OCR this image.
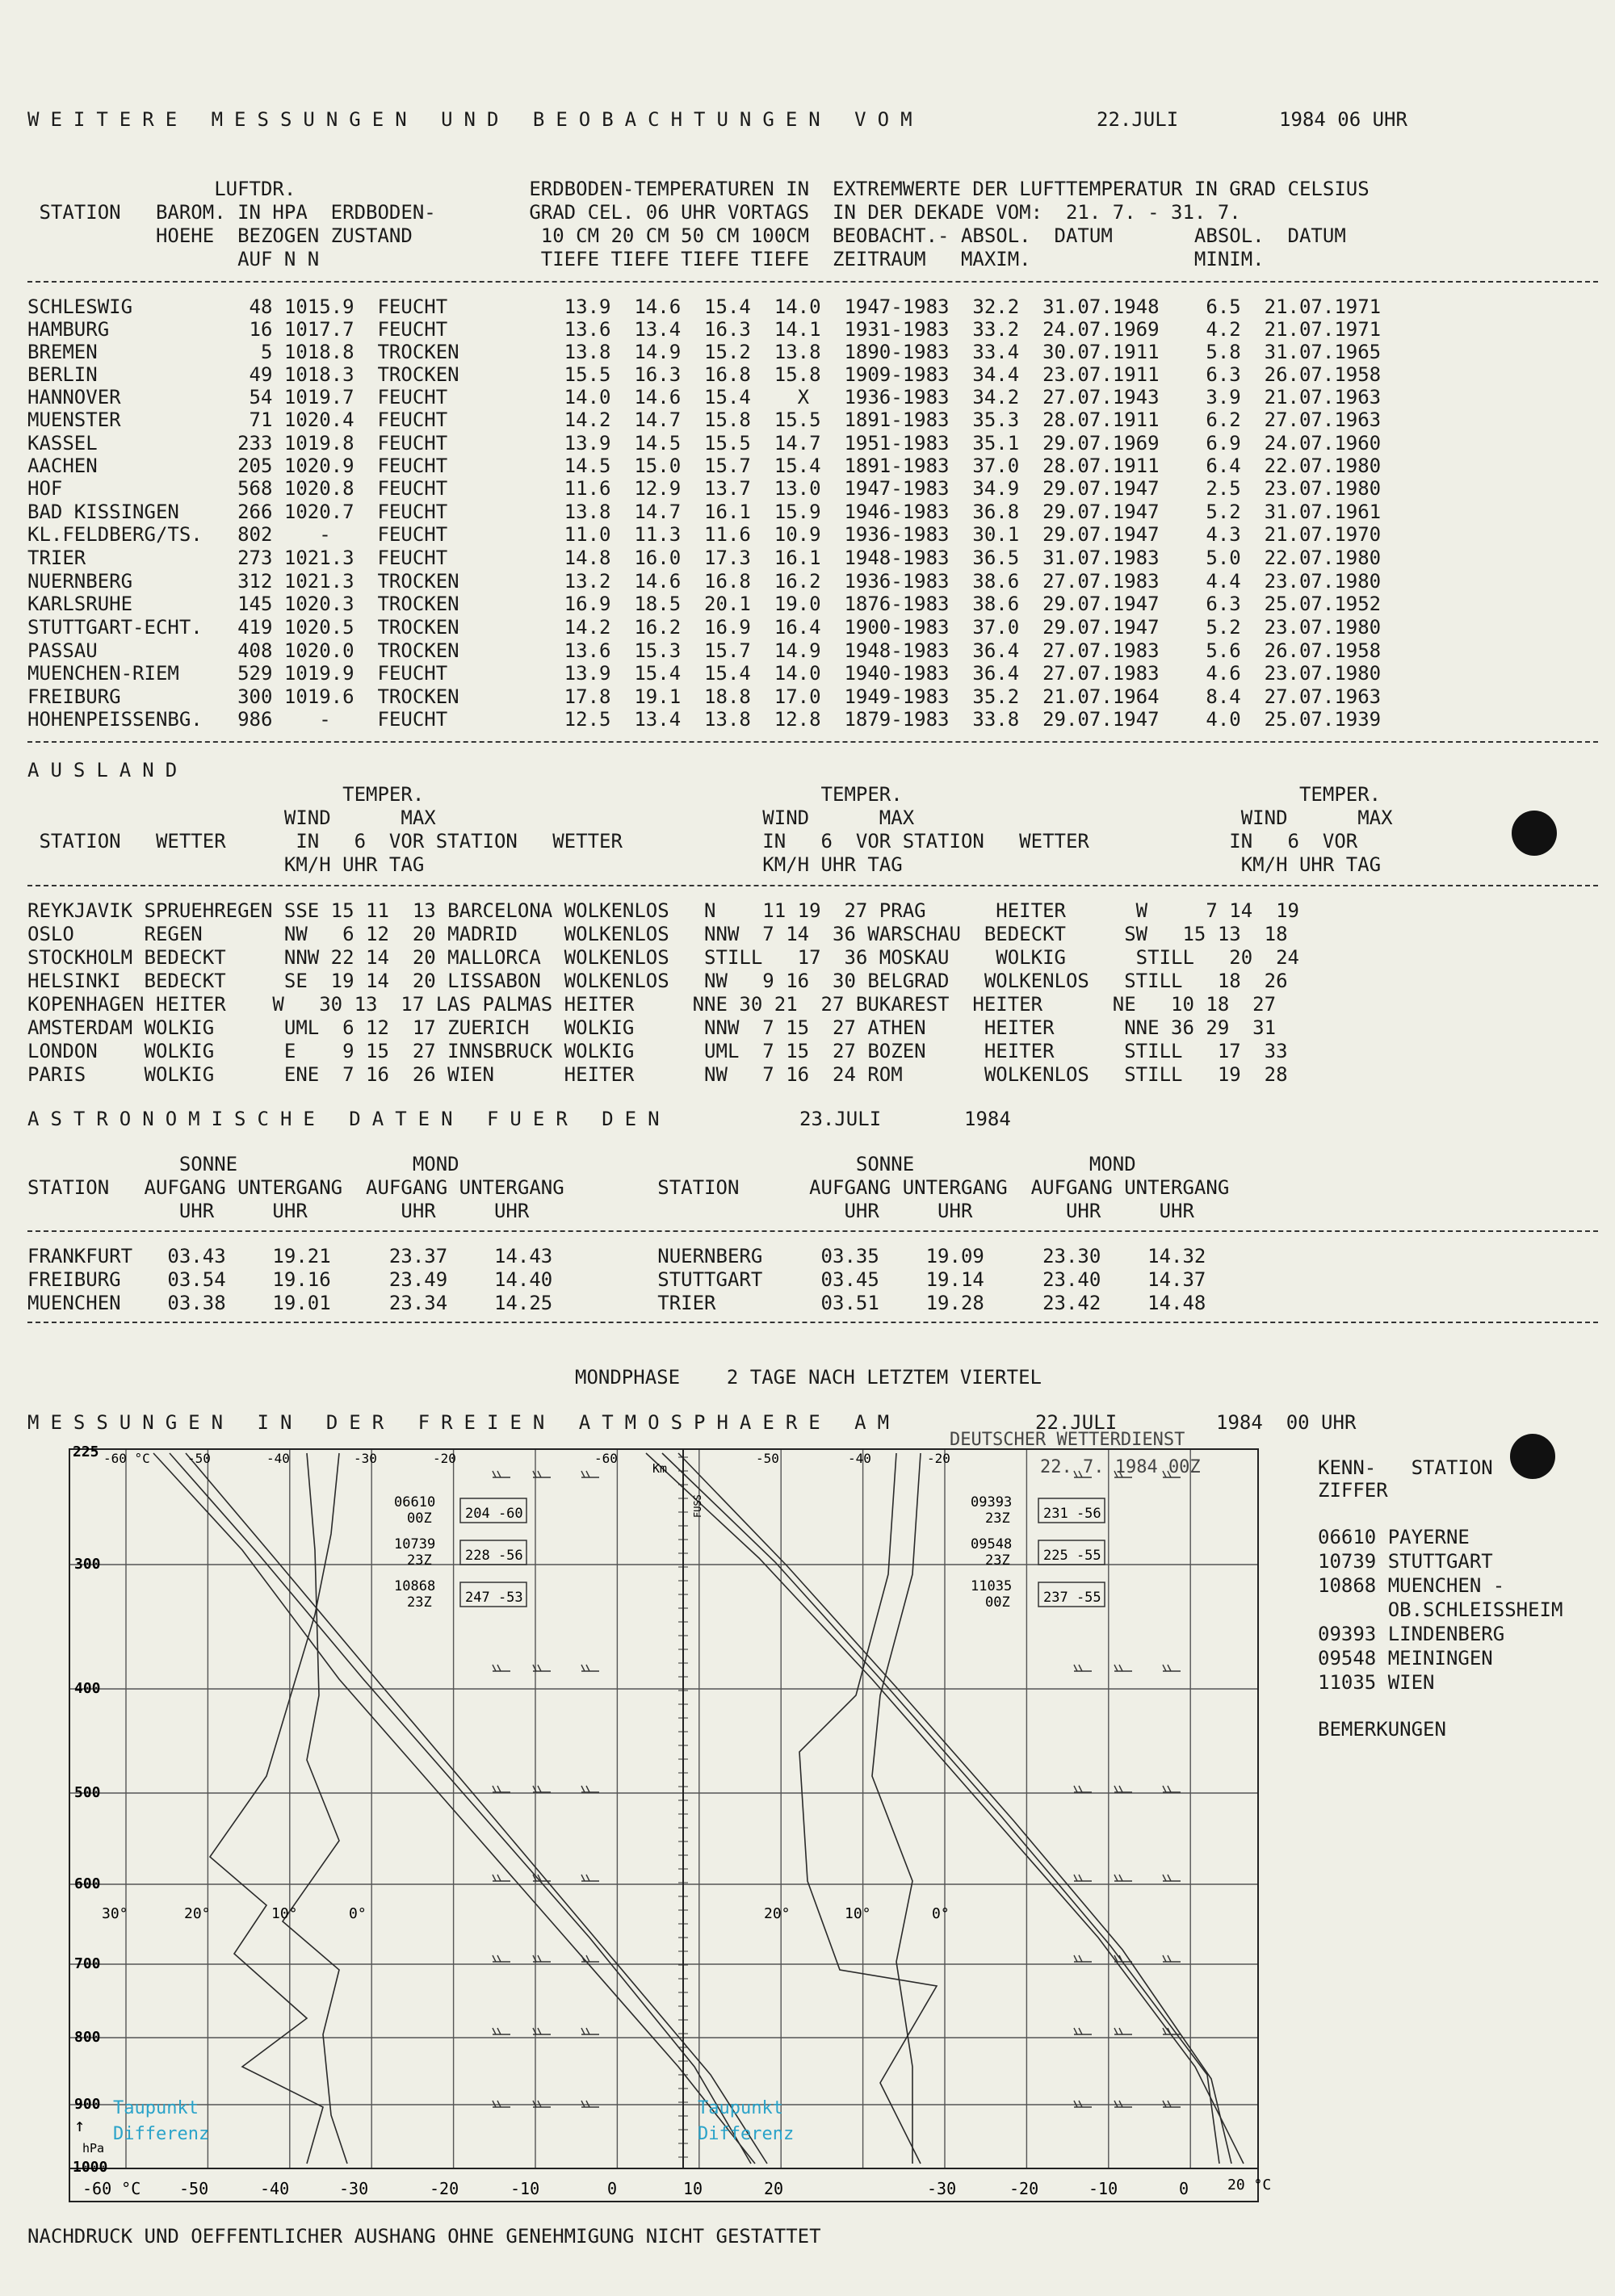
WEITERE MESSUNGEN UND BEOBACHTUNGEN VOM	22.JULI	1984 06 UHR
LUFTDR.                    ERDBODEN-TEMPERATUREN IN  EXTREMWERTE DER LUFTTEMPERATUR IN GRAD CELSIUS
STATION   BAROM. IN HPA  ERDBODEN-        GRAD CEL. 06 UHR VORTAGS  IN DER DEKADE VOM:  21. 7. - 31. 7.
HOEHE  BEZOGEN ZUSTAND           10 CM 20 CM 50 CM 100CM  BEOBACHT.- ABSOL.  DATUM       ABSOL.  DATUM
AUF N N                   TIEFE TIEFE TIEFE TIEFE  ZEITRAUM   MAXIM.              MINIM.
SCHLESWIG          48 1015.9  FEUCHT          13.9  14.6  15.4  14.0  1947-1983  32.2  31.07.1948    6.5  21.07.1971
HAMBURG            16 1017.7  FEUCHT          13.6  13.4  16.3  14.1  1931-1983  33.2  24.07.1969    4.2  21.07.1971
BREMEN              5 1018.8  TROCKEN         13.8  14.9  15.2  13.8  1890-1983  33.4  30.07.1911    5.8  31.07.1965
BERLIN             49 1018.3  TROCKEN         15.5  16.3  16.8  15.8  1909-1983  34.4  23.07.1911    6.3  26.07.1958
HANNOVER           54 1019.7  FEUCHT          14.0  14.6  15.4    X   1936-1983  34.2  27.07.1943    3.9  21.07.1963
MUENSTER           71 1020.4  FEUCHT          14.2  14.7  15.8  15.5  1891-1983  35.3  28.07.1911    6.2  27.07.1963
KASSEL            233 1019.8  FEUCHT          13.9  14.5  15.5  14.7  1951-1983  35.1  29.07.1969    6.9  24.07.1960
AACHEN            205 1020.9  FEUCHT          14.5  15.0  15.7  15.4  1891-1983  37.0  28.07.1911    6.4  22.07.1980
HOF               568 1020.8  FEUCHT          11.6  12.9  13.7  13.0  1947-1983  34.9  29.07.1947    2.5  23.07.1980
BAD KISSINGEN     266 1020.7  FEUCHT          13.8  14.7  16.1  15.9  1946-1983  36.8  29.07.1947    5.2  31.07.1961
KL.FELDBERG/TS.   802    -    FEUCHT          11.0  11.3  11.6  10.9  1936-1983  30.1  29.07.1947    4.3  21.07.1970
TRIER             273 1021.3  FEUCHT          14.8  16.0  17.3  16.1  1948-1983  36.5  31.07.1983    5.0  22.07.1980
NUERNBERG         312 1021.3  TROCKEN         13.2  14.6  16.8  16.2  1936-1983  38.6  27.07.1983    4.4  23.07.1980
KARLSRUHE         145 1020.3  TROCKEN         16.9  18.5  20.1  19.0  1876-1983  38.6  29.07.1947    6.3  25.07.1952
STUTTGART-ECHT.   419 1020.5  TROCKEN         14.2  16.2  16.9  16.4  1900-1983  37.0  29.07.1947    5.2  23.07.1980
PASSAU            408 1020.0  TROCKEN         13.6  15.3  15.7  14.9  1948-1983  36.4  27.07.1983    5.6  26.07.1958
MUENCHEN-RIEM     529 1019.9  FEUCHT          13.9  15.4  15.4  14.0  1940-1983  36.4  27.07.1983    4.6  23.07.1980
FREIBURG          300 1019.6  TROCKEN         17.8  19.1  18.8  17.0  1949-1983  35.2  21.07.1964    8.4  27.07.1963
HOHENPEISSENBG.   986    -    FEUCHT          12.5  13.4  13.8  12.8  1879-1983  33.8  29.07.1947    4.0  25.07.1939
AUSLAND
TEMPER.                                  TEMPER.                                  TEMPER.
WIND      MAX                            WIND      MAX                            WIND      MAX
STATION   WETTER      IN   6  VOR STATION   WETTER            IN   6  VOR STATION   WETTER            IN   6  VOR
KM/H UHR TAG                             KM/H UHR TAG                             KM/H UHR TAG
REYKJAVIK SPRUEHREGEN SSE 15 11  13 BARCELONA WOLKENLOS   N    11 19  27 PRAG      HEITER      W     7 14  19
OSLO      REGEN       NW   6 12  20 MADRID    WOLKENLOS   NNW  7 14  36 WARSCHAU  BEDECKT     SW   15 13  18
STOCKHOLM BEDECKT     NNW 22 14  20 MALLORCA  WOLKENLOS   STILL   17  36 MOSKAU    WOLKIG      STILL   20  24
HELSINKI  BEDECKT     SE  19 14  20 LISSABON  WOLKENLOS   NW   9 16  30 BELGRAD   WOLKENLOS   STILL   18  26
KOPENHAGEN HEITER    W   30 13  17 LAS PALMAS HEITER     NNE 30 21  27 BUKAREST  HEITER      NE   10 18  27
AMSTERDAM WOLKIG      UML  6 12  17 ZUERICH   WOLKIG      NNW  7 15  27 ATHEN     HEITER      NNE 36 29  31
LONDON    WOLKIG      E    9 15  27 INNSBRUCK WOLKIG      UML  7 15  27 BOZEN     HEITER      STILL   17  33
PARIS     WOLKIG      ENE  7 16  26 WIEN      HEITER      NW   7 16  24 ROM       WOLKENLOS   STILL   19  28
ASTRONOMISCHE DATEN FUER DEN	23.JULI	1984
SONNE               MOND                                  SONNE               MOND
STATION   AUFGANG UNTERGANG  AUFGANG UNTERGANG        STATION      AUFGANG UNTERGANG  AUFGANG UNTERGANG
UHR     UHR        UHR     UHR                           UHR     UHR        UHR     UHR
FRANKFURT   03.43    19.21     23.37    14.43         NUERNBERG     03.35    19.09     23.30    14.32
FREIBURG    03.54    19.16     23.49    14.40         STUTTGART     03.45    19.14     23.40    14.37
MUENCHEN    03.38    19.01     23.34    14.25         TRIER         03.51    19.28     23.42    14.48
MONDPHASE    2 TAGE NACH LETZTEM VIERTEL
MESSUNGEN IN DER FREIEN ATMOSPHAERE AM	22.JULI	1984  00 UHR
225
300
400
500
600
700
800
900
1000
hPa
↑
Taupunkt
Differenz
Taupunkt
Differenz
-60 °C	-50	-40	-30	-20	-60	-50	-40	-20
-60 °C -50	-40	-30	-20	-10	0	10	20	-30	-20	-10	0	20 °C
30°	20°	10°	0°	20°	10°	0°
Km
FUSS
DEUTSCHER WETTERDIENST
22. 7. 1984 00Z
06610
00Z 204 -60
10739
23Z 228 -56
10868
23Z 247 -53
09393
23Z 231 -56
09548
23Z 225 -55
11035
00Z 237 -55
KENN-   STATION
ZIFFER
06610 PAYERNE
10739 STUTTGART
10868 MUENCHEN -
OB.SCHLEISSHEIM
09393 LINDENBERG
09548 MEININGEN
11035 WIEN
BEMERKUNGEN
NACHDRUCK UND OEFFENTLICHER AUSHANG OHNE GENEHMIGUNG NICHT GESTATTET
